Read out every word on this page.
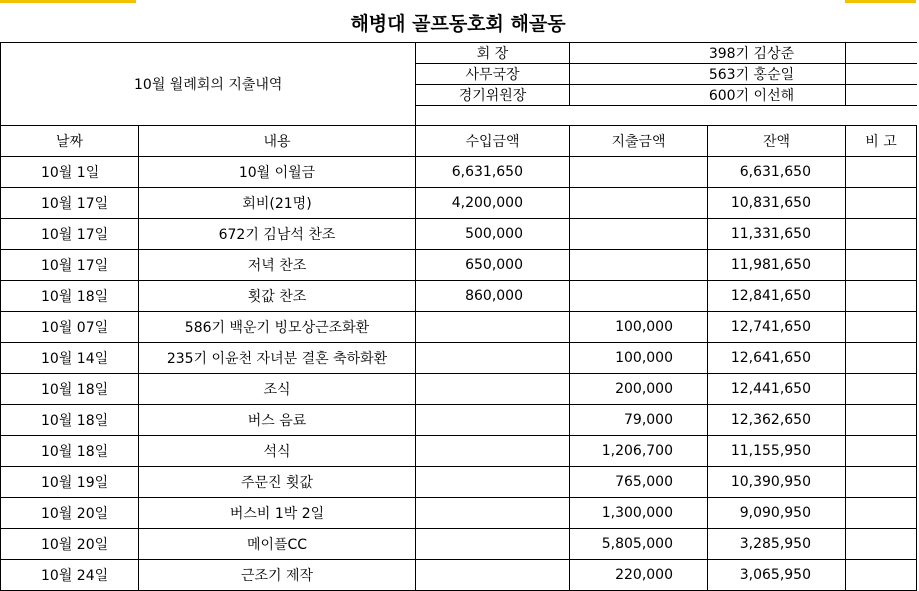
해병대 골프동호회 해골동
10월 월례회의 지출내역		회 장	398기 김상준		
		사무국장	563기 홍순일		
		경기위원장	600기 이선해		

날짜	내용	수입금액	지출금액	잔액	비 고
10월 1일	10월 이월금	6,631,650		6,631,650	
10월 17일	회비(21명)	4,200,000		10,831,650	
10월 17일	672기 김남석 찬조	500,000		11,331,650	
10월 17일	저녁 찬조	650,000		11,981,650	
10월 18일	횟값 찬조	860,000		12,841,650	
10월 07일	586기 백운기 빙모상근조화환		100,000	12,741,650	
10월 14일	235기 이윤천 자녀분 결혼 축하화환		100,000	12,641,650	
10월 18일	조식		200,000	12,441,650	
10월 18일	버스 음료		79,000	12,362,650	
10월 18일	석식		1,206,700	11,155,950	
10월 19일	주문진 횟값		765,000	10,390,950	
10월 20일	버스비 1박 2일		1,300,000	9,090,950	
10월 20일	메이플CC		5,805,000	3,285,950	
10월 24일	근조기 제작		220,000	3,065,950	
